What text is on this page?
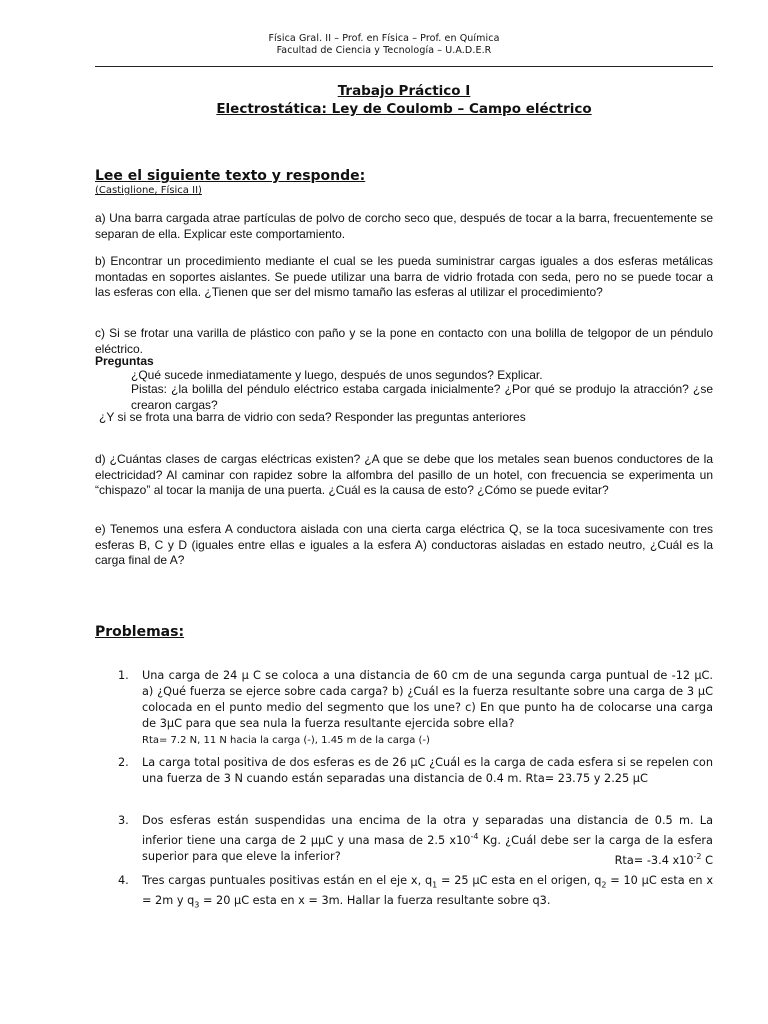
Física Gral. II – Prof. en Física – Prof. en Química
Facultad de Ciencia y Tecnología – U.A.D.E.R
Trabajo Práctico I
Electrostática: Ley de Coulomb – Campo eléctrico
Lee el siguiente texto y responde:
(Castiglione, Física II)
a) Una barra cargada atrae partículas de polvo de corcho seco que, después de tocar a la barra, frecuentemente se separan de ella. Explicar este comportamiento.
b) Encontrar un procedimiento mediante el cual se les pueda suministrar cargas iguales a dos esferas metálicas montadas en soportes aislantes. Se puede utilizar una barra de vidrio frotada con seda, pero no se puede tocar a las esferas con ella. ¿Tienen que ser del mismo tamaño las esferas al utilizar el procedimiento?
c) Si se frotar una varilla de plástico con paño y se la pone en contacto con una bolilla de telgopor de un péndulo eléctrico.
Preguntas
¿Qué sucede inmediatamente y luego, después de unos segundos? Explicar.
Pistas: ¿la bolilla del péndulo eléctrico estaba cargada inicialmente? ¿Por qué se produjo la atracción? ¿se crearon cargas?
¿Y si se frota una barra de vidrio con seda? Responder las preguntas anteriores
d) ¿Cuántas clases de cargas eléctricas existen? ¿A que se debe que los metales sean buenos conductores de la electricidad? Al caminar con rapidez sobre la alfombra del pasillo de un hotel, con frecuencia se experimenta un “chispazo” al tocar la manija de una puerta. ¿Cuál es la causa de esto? ¿Cómo se puede evitar?
e) Tenemos una esfera A conductora aislada con una cierta carga eléctrica Q, se la toca sucesivamente con tres esferas B, C y D (iguales entre ellas e iguales a la esfera A) conductoras aisladas en estado neutro, ¿Cuál es la carga final de A?
Problemas:
1. Una carga de 24 μ C se coloca a una distancia de 60 cm de una segunda carga puntual de -12 μC. a) ¿Qué fuerza se ejerce sobre cada carga? b) ¿Cuál es la fuerza resultante sobre una carga de 3 μC colocada en el punto medio del segmento que los une? c) En que punto ha de colocarse una carga de 3μC para que sea nula la fuerza resultante ejercida sobre ella?
Rta= 7.2 N, 11 N hacia la carga (-), 1.45 m de la carga (-)
2. La carga total positiva de dos esferas es de 26 μC ¿Cuál es la carga de cada esfera si se repelen con una fuerza de 3 N cuando están separadas una distancia de 0.4 m. Rta= 23.75 y 2.25 μC
3. Dos esferas están suspendidas una encima de la otra y separadas una distancia de 0.5 m. La inferior tiene una carga de 2 μμC y una masa de 2.5 $x10^{-4}$ Kg. ¿Cuál debe ser la carga de la esfera superior para que eleve la inferior?	Rta= -3.4 $x10^{-2}$ C
4. Tres cargas puntuales positivas están en el eje x, $q_1 = 25$ μC esta en el origen, $q_2 = 10$ μC esta en x = 2m y $q_3 = 20$ μC esta en x = 3m. Hallar la fuerza resultante sobre q3.
